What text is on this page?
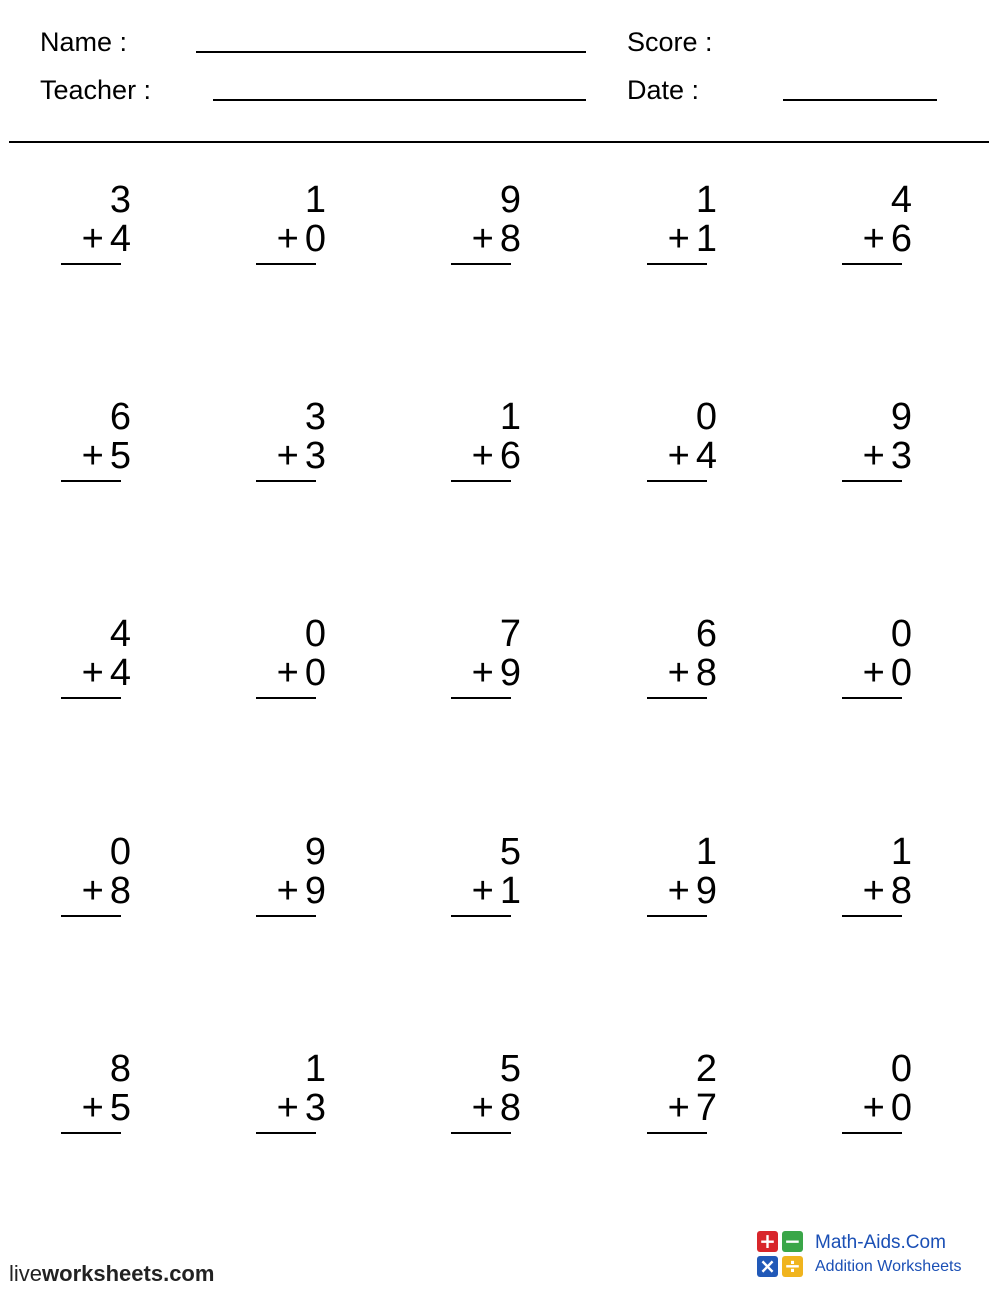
Name :
Teacher :
Score :
Date :
3
+ 4
1
+ 0
9
+ 8
1
+ 1
4
+ 6
6
+ 5
3
+ 3
1
+ 6
0
+ 4
9
+ 3
4
+ 4
0
+ 0
7
+ 9
6
+ 8
0
+ 0
0
+ 8
9
+ 9
5
+ 1
1
+ 9
1
+ 8
8
+ 5
1
+ 3
5
+ 8
2
+ 7
0
+ 0
liveworksheets.com
+ −
× ÷
Math-Aids.Com
Addition Worksheets
